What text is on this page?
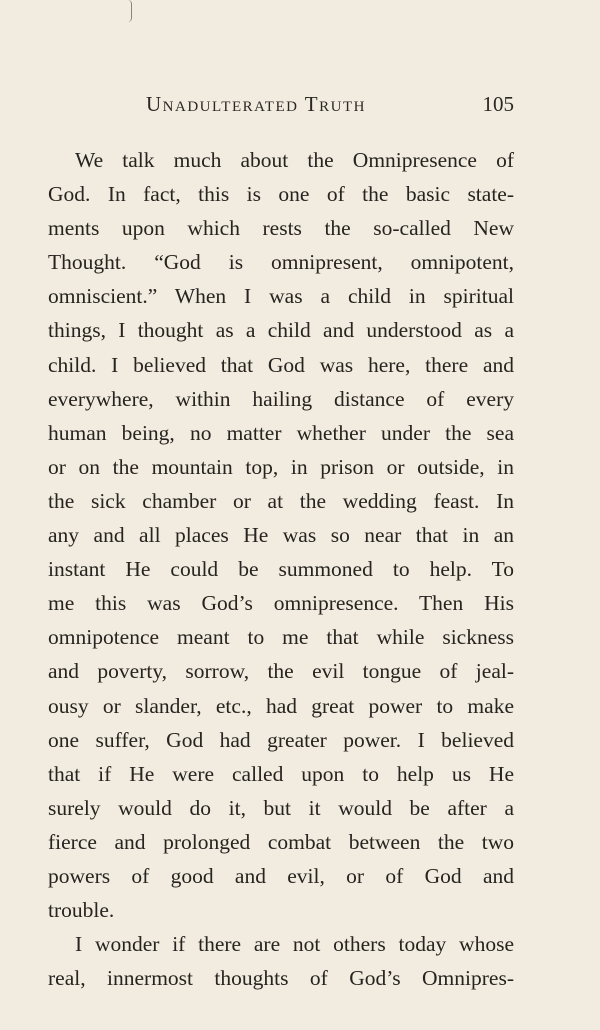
Unadulterated Truth	105
We talk much about the Omnipresence of
God. In fact, this is one of the basic state-
ments upon which rests the so-called New
Thought. “God is omnipresent, omnipotent,
omniscient.” When I was a child in spiritual
things, I thought as a child and understood as a
child. I believed that God was here, there and
everywhere, within hailing distance of every
human being, no matter whether under the sea
or on the mountain top, in prison or outside, in
the sick chamber or at the wedding feast. In
any and all places He was so near that in an
instant He could be summoned to help. To
me this was God’s omnipresence. Then His
omnipotence meant to me that while sickness
and poverty, sorrow, the evil tongue of jeal-
ousy or slander, etc., had great power to make
one suffer, God had greater power. I believed
that if He were called upon to help us He
surely would do it, but it would be after a
fierce and prolonged combat between the two
powers of good and evil, or of God and
trouble.
I wonder if there are not others today whose
real, innermost thoughts of God’s Omnipres-
